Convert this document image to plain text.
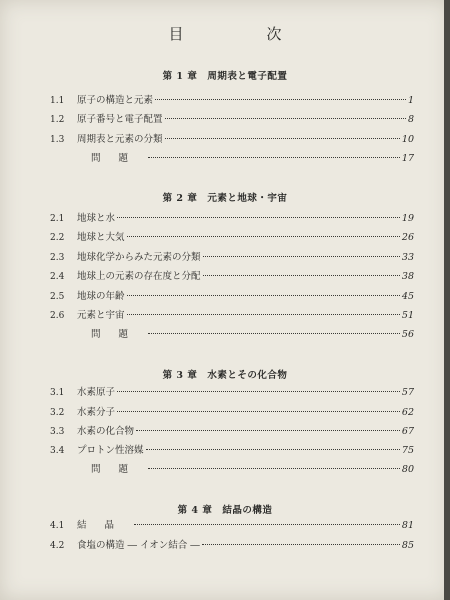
目　次
第 1 章　周期表と電子配置
1.1	原子の構造と元素	1
1.2	原子番号と電子配置	8
1.3	周期表と元素の分類	10
問題	17
第 2 章　元素と地球・宇宙
2.1	地球と水	19
2.2	地球と大気	26
2.3	地球化学からみた元素の分類	33
2.4	地球上の元素の存在度と分配	38
2.5	地球の年齢	45
2.6	元素と宇宙	51
問題	56
第 3 章　水素とその化合物
3.1	水素原子	57
3.2	水素分子	62
3.3	水素の化合物	67
3.4	プロトン性溶媒	75
問題	80
第 4 章　結晶の構造
4.1	結晶	81
4.2	食塩の構造 ― イオン結合 ―	85
